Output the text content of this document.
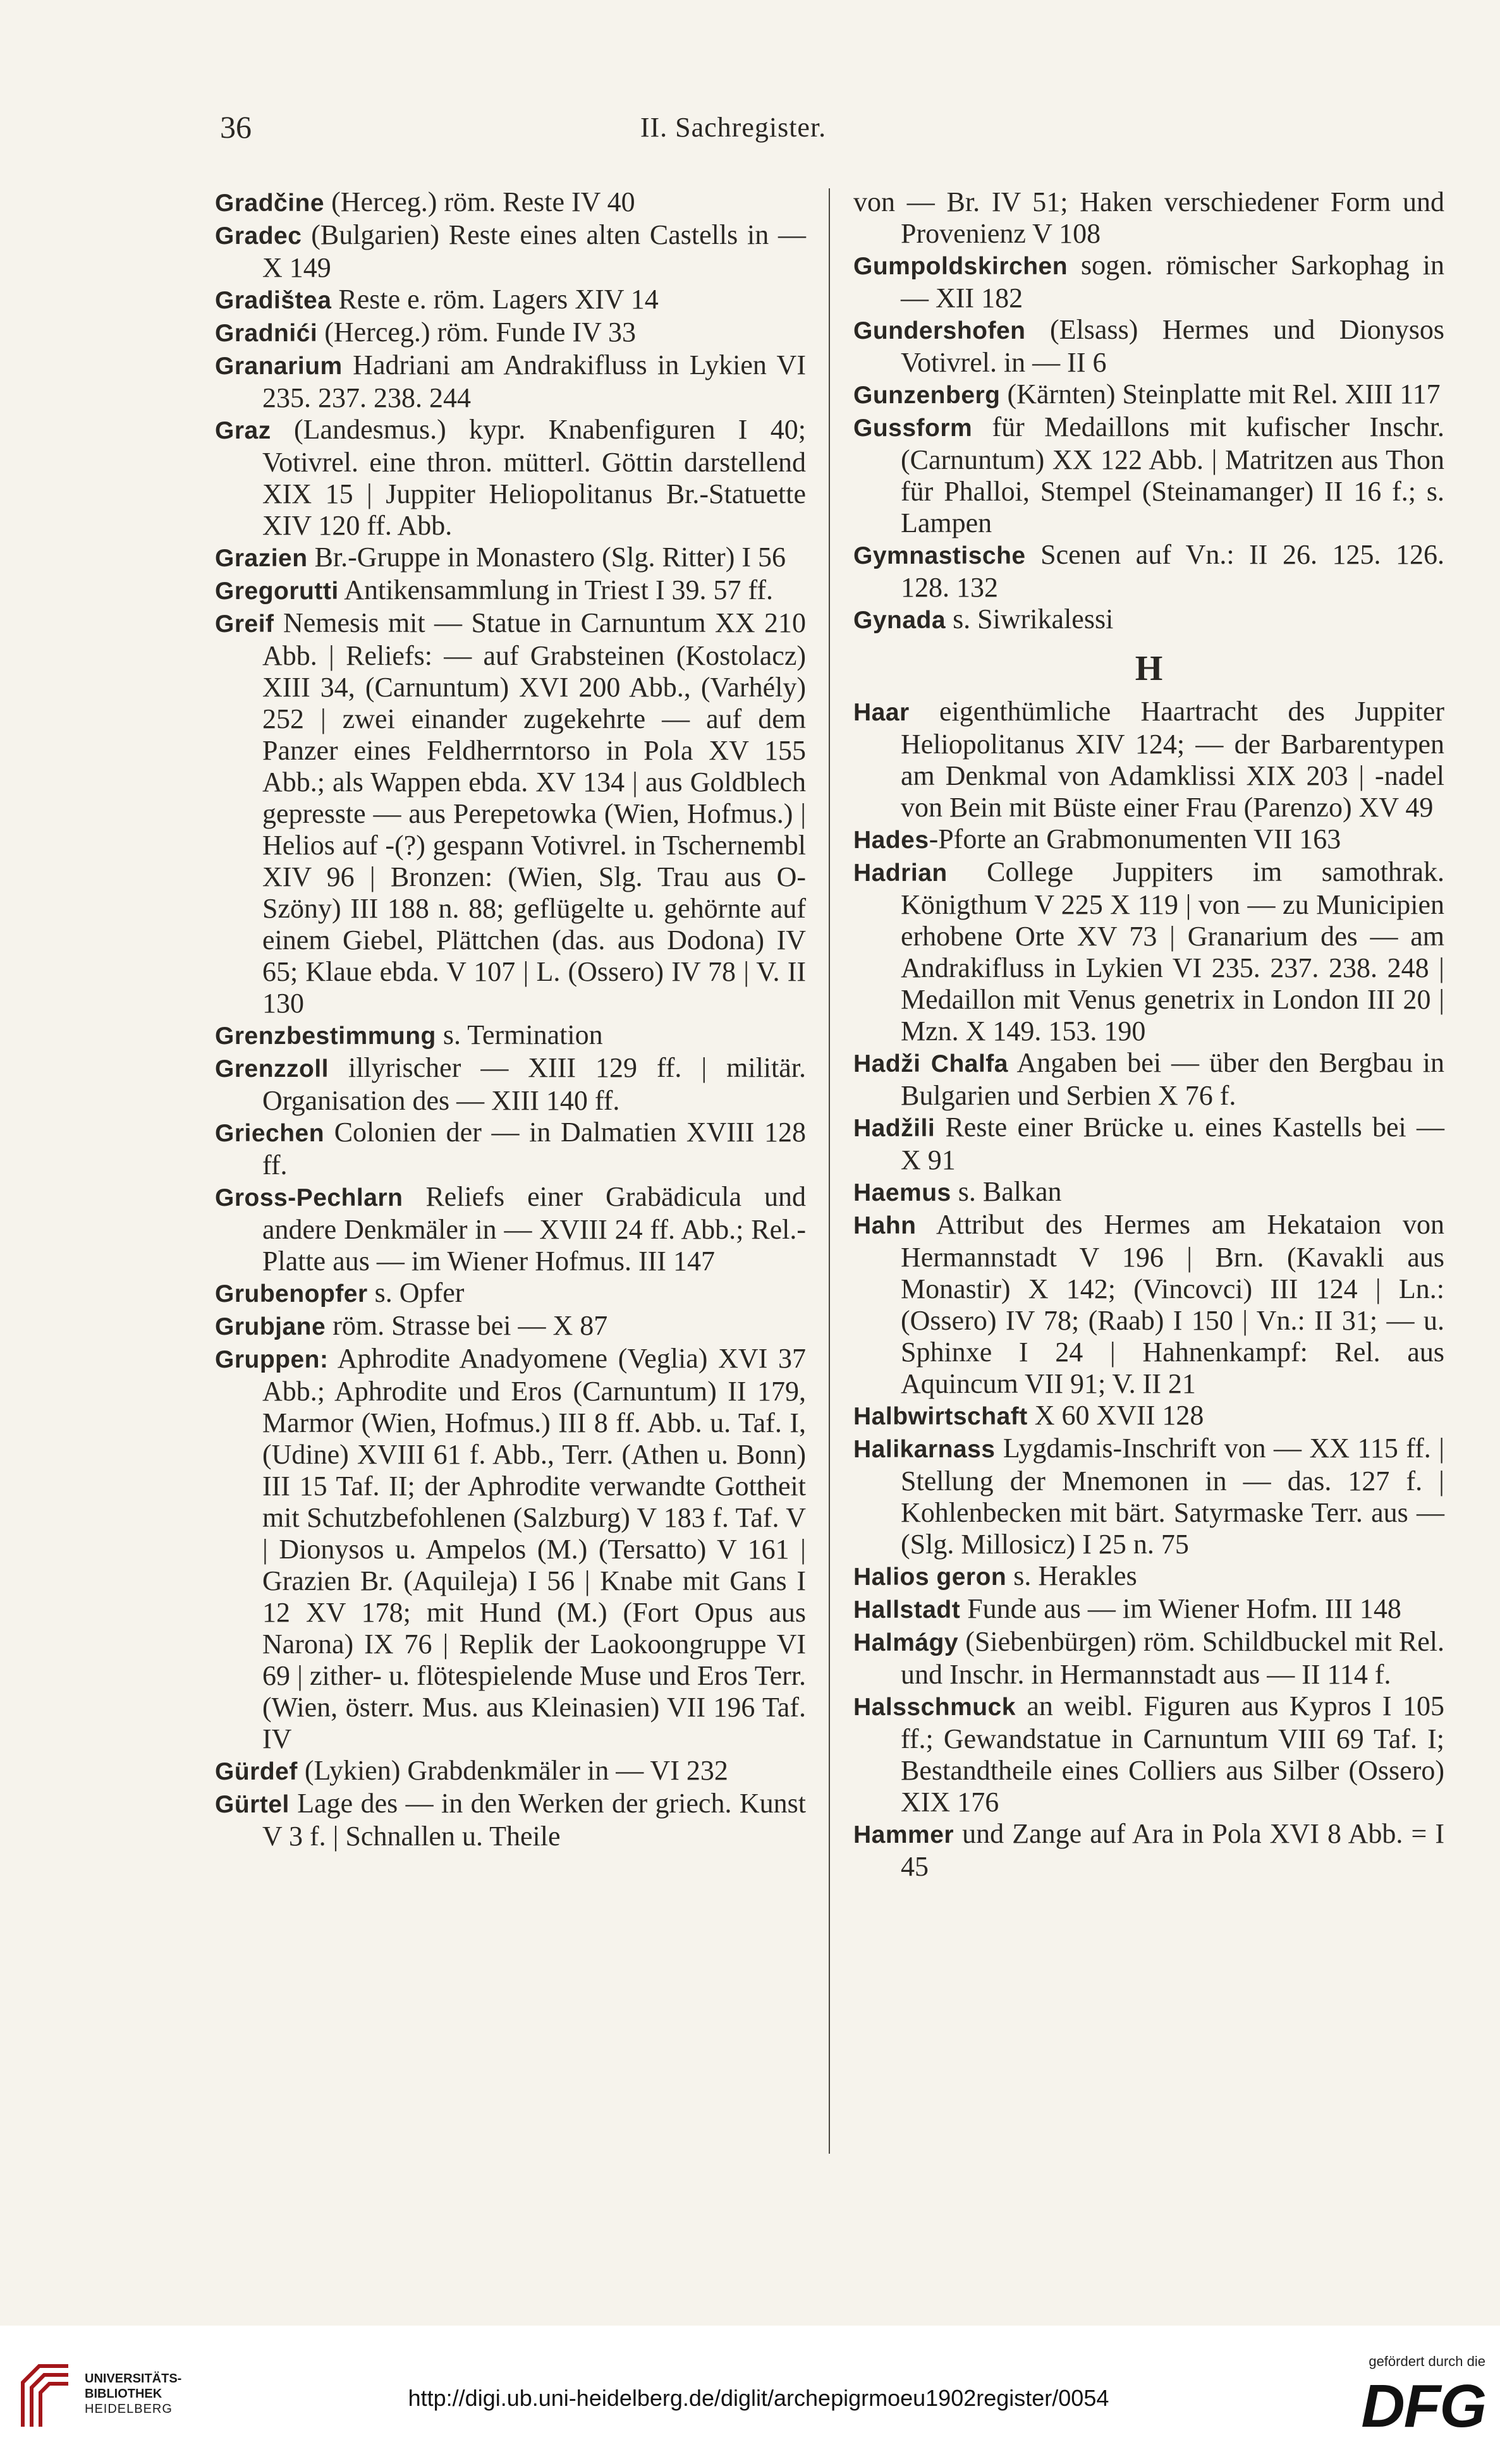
36	II. Sachregister.

Gradčine (Herceg.) röm. Reste IV 40

Gradec (Bulgarien) Reste eines alten Castells in — X 149

Gradištea Reste e. röm. Lagers XIV 14

Gradnići (Herceg.) röm. Funde IV 33

Granarium Hadriani am Andrakifluss in Lykien VI 235. 237. 238. 244

Graz (Landesmus.) kypr. Knabenfiguren I 40; Votivrel. eine thron. mütterl. Göttin darstellend XIX 15 | Juppiter Heliopolitanus Br.-Statuette XIV 120 ff. Abb.

Grazien Br.-Gruppe in Monastero (Slg. Ritter) I 56

Gregorutti Antikensammlung in Triest I 39. 57 ff.

Greif Nemesis mit — Statue in Carnuntum XX 210 Abb. | Reliefs: — auf Grabsteinen (Kostolacz) XIII 34, (Carnuntum) XVI 200 Abb., (Varhély) 252 | zwei einander zugekehrte — auf dem Panzer eines Feldherrntorso in Pola XV 155 Abb.; als Wappen ebda. XV 134 | aus Goldblech gepresste — aus Perepetowka (Wien, Hofmus.) | Helios auf -(?) gespann Votivrel. in Tschernembl XIV 96 | Bronzen: (Wien, Slg. Trau aus O-Szöny) III 188 n. 88; geflügelte u. gehörnte auf einem Giebel, Plättchen (das. aus Dodona) IV 65; Klaue ebda. V 107 | L. (Ossero) IV 78 | V. II 130

Grenzbestimmung s. Termination

Grenzzoll illyrischer — XIII 129 ff. | militär. Organisation des — XIII 140 ff.

Griechen Colonien der — in Dalmatien XVIII 128 ff.

Gross-Pechlarn Reliefs einer Grabädicula und andere Denkmäler in — XVIII 24 ff. Abb.; Rel.-Platte aus — im Wiener Hofmus. III 147

Grubenopfer s. Opfer

Grubjane röm. Strasse bei — X 87

Gruppen: Aphrodite Anadyomene (Veglia) XVI 37 Abb.; Aphrodite und Eros (Carnuntum) II 179, Marmor (Wien, Hofmus.) III 8 ff. Abb. u. Taf. I, (Udine) XVIII 61 f. Abb., Terr. (Athen u. Bonn) III 15 Taf. II; der Aphrodite verwandte Gottheit mit Schutzbefohlenen (Salzburg) V 183 f. Taf. V | Dionysos u. Ampelos (M.) (Tersatto) V 161 | Grazien Br. (Aquileja) I 56 | Knabe mit Gans I 12 XV 178; mit Hund (M.) (Fort Opus aus Narona) IX 76 | Replik der Laokoongruppe VI 69 | zither- u. flötespielende Muse und Eros Terr. (Wien, österr. Mus. aus Kleinasien) VII 196 Taf. IV

Gürdef (Lykien) Grabdenkmäler in — VI 232

Gürtel Lage des — in den Werken der griech. Kunst V 3 f. | Schnallen u. Theile

von — Br. IV 51; Haken verschiedener Form und Provenienz V 108

Gumpoldskirchen sogen. römischer Sarkophag in — XII 182

Gundershofen (Elsass) Hermes und Dionysos Votivrel. in — II 6

Gunzenberg (Kärnten) Steinplatte mit Rel. XIII 117

Gussform für Medaillons mit kufischer Inschr. (Carnuntum) XX 122 Abb. | Matritzen aus Thon für Phalloi, Stempel (Steinamanger) II 16 f.; s. Lampen

Gymnastische Scenen auf Vn.: II 26. 125. 126. 128. 132

Gynada s. Siwrikalessi

H

Haar eigenthümliche Haartracht des Juppiter Heliopolitanus XIV 124; — der Barbarentypen am Denkmal von Adamklissi XIX 203 | -nadel von Bein mit Büste einer Frau (Parenzo) XV 49

Hades-Pforte an Grabmonumenten VII 163

Hadrian College Juppiters im samothrak. Königthum V 225 X 119 | von — zu Municipien erhobene Orte XV 73 | Granarium des — am Andrakifluss in Lykien VI 235. 237. 238. 248 | Medaillon mit Venus genetrix in London III 20 | Mzn. X 149. 153. 190

Hadži Chalfa Angaben bei — über den Bergbau in Bulgarien und Serbien X 76 f.

Hadžili Reste einer Brücke u. eines Kastells bei — X 91

Haemus s. Balkan

Hahn Attribut des Hermes am Hekataion von Hermannstadt V 196 | Brn. (Kavakli aus Monastir) X 142; (Vincovci) III 124 | Ln.: (Ossero) IV 78; (Raab) I 150 | Vn.: II 31; — u. Sphinxe I 24 | Hahnenkampf: Rel. aus Aquincum VII 91; V. II 21

Halbwirtschaft X 60 XVII 128

Halikarnass Lygdamis-Inschrift von — XX 115 ff. | Stellung der Mnemonen in — das. 127 f. | Kohlenbecken mit bärt. Satyrmaske Terr. aus — (Slg. Millosicz) I 25 n. 75

Halios geron s. Herakles

Hallstadt Funde aus — im Wiener Hofm. III 148

Halmágy (Siebenbürgen) röm. Schildbuckel mit Rel. und Inschr. in Hermannstadt aus — II 114 f.

Halsschmuck an weibl. Figuren aus Kypros I 105 ff.; Gewandstatue in Carnuntum VIII 69 Taf. I; Bestandtheile eines Colliers aus Silber (Ossero) XIX 176

Hammer und Zange auf Ara in Pola XVI 8 Abb. = I 45

UNIVERSITÄTS-
BIBLIOTHEK
HEIDELBERG	http://digi.ub.uni-heidelberg.de/diglit/archepigrmoeu1902register/0054
gefördert durch die
DFG
